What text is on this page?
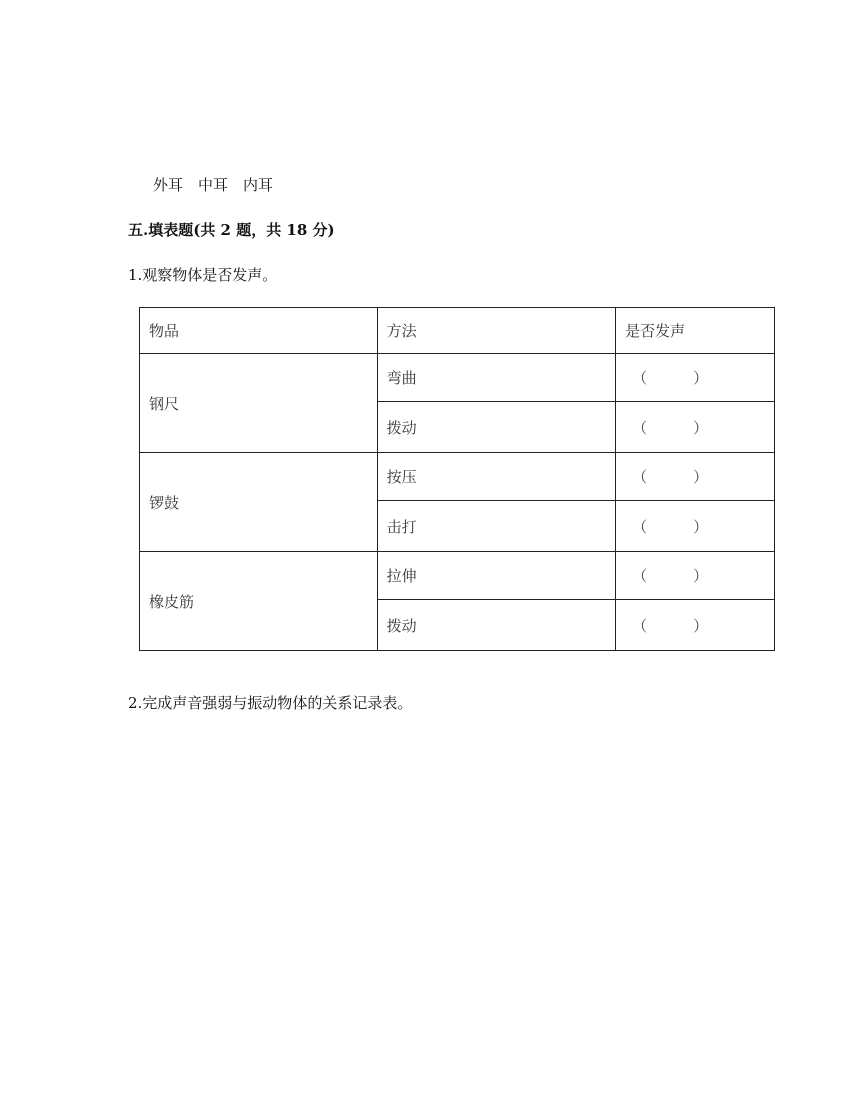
外耳　中耳　内耳
五.填表题(共 2 题，共 18 分)
1.观察物体是否发声。
物品	方法	是否发声
钢尺	弯曲	（ ）

	拨动	（ ）

锣鼓	按压	（ ）

	击打	（ ）

橡皮筋	拉伸	（ ）

	拨动	（ ）
2.完成声音强弱与振动物体的关系记录表。
